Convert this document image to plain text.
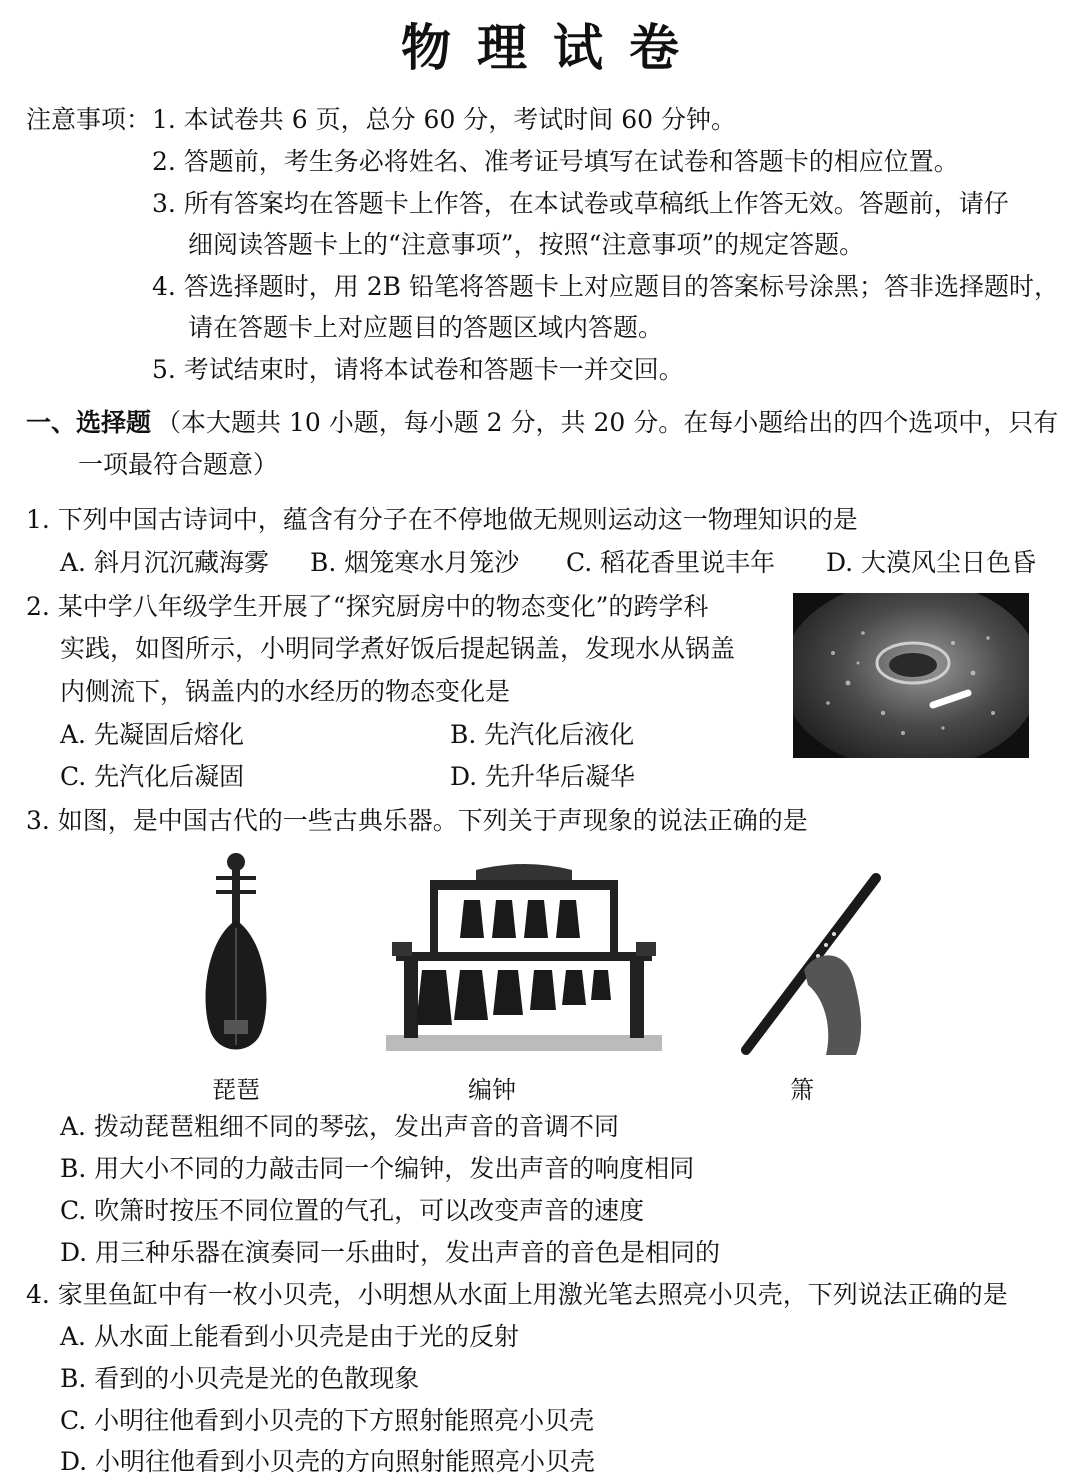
物理试卷
注意事项： 1. 本试卷共 6 页，总分 60 分，考试时间 60 分钟。
2. 答题前，考生务必将姓名、准考证号填写在试卷和答题卡的相应位置。
3. 所有答案均在答题卡上作答，在本试卷或草稿纸上作答无效。答题前，请仔
细阅读答题卡上的“注意事项”，按照“注意事项”的规定答题。
4. 答选择题时，用 2B 铅笔将答题卡上对应题目的答案标号涂黑；答非选择题时，
请在答题卡上对应题目的答题区域内答题。
5. 考试结束时，请将本试卷和答题卡一并交回。
一、选择题 （本大题共 10 小题，每小题 2 分，共 20 分。在每小题给出的四个选项中，只有
一项最符合题意）
1. 下列中国古诗词中，蕴含有分子在不停地做无规则运动这一物理知识的是
A. 斜月沉沉藏海雾 B. 烟笼寒水月笼沙 C. 稻花香里说丰年 D. 大漠风尘日色昏
2. 某中学八年级学生开展了“探究厨房中的物态变化”的跨学科
实践，如图所示，小明同学煮好饭后提起锅盖，发现水从锅盖
内侧流下，锅盖内的水经历的物态变化是
A. 先凝固后熔化	B. 先汽化后液化
C. 先汽化后凝固	D. 先升华后凝华
3. 如图，是中国古代的一些古典乐器。下列关于声现象的说法正确的是
琵琶	编钟	箫
A. 拨动琵琶粗细不同的琴弦，发出声音的音调不同
B. 用大小不同的力敲击同一个编钟，发出声音的响度相同
C. 吹箫时按压不同位置的气孔，可以改变声音的速度
D. 用三种乐器在演奏同一乐曲时，发出声音的音色是相同的
4. 家里鱼缸中有一枚小贝壳，小明想从水面上用激光笔去照亮小贝壳，下列说法正确的是
A. 从水面上能看到小贝壳是由于光的反射
B. 看到的小贝壳是光的色散现象
C. 小明往他看到小贝壳的下方照射能照亮小贝壳
D. 小明往他看到小贝壳的方向照射能照亮小贝壳
